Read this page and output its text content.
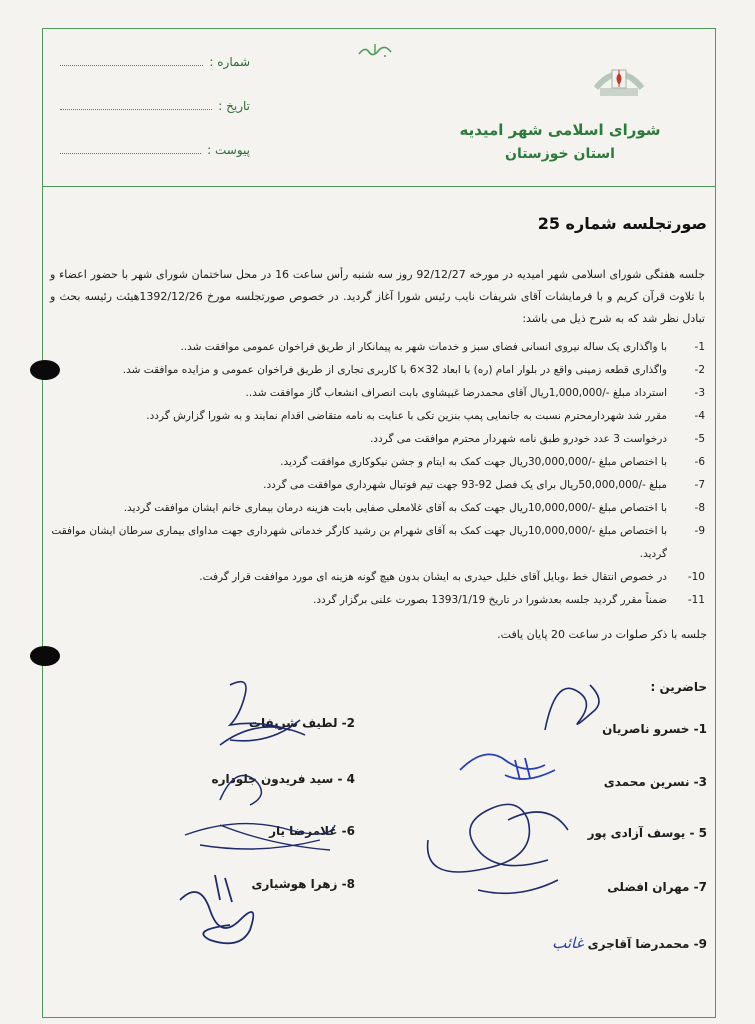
شماره :
تاریخ :
پیوست :
شورای اسلامی شهر امیدیه
استان خوزستان
صورتجلسه شماره 25
جلسه هفتگی شورای اسلامی شهر امیدیه در مورخه 92/12/27 روز سه شنبه رأس ساعت 16 در محل ساختمان شورای شهر با حضور اعضاء و با تلاوت قرآن کریم و با فرمایشات آقای شریفات نایب رئیس شورا آغاز گردید. در خصوص صورتجلسه مورخ 1392/12/26هیئت رئیسه بحث و تبادل نظر شد که به شرح ذیل می باشد:
1-
با واگذاری یک ساله نیروی انسانی فضای سبز و خدمات شهر به پیمانکار از طریق فراخوان عمومی موافقت شد..
2-
واگذاری قطعه زمینی واقع در بلوار امام (ره) با ابعاد 32×6 با کاربری تجاری از طریق فراخوان عمومی و مزایده موافقت شد.
3-
استرداد مبلغ -/1,000,000ریال آقای محمدرضا غبیشاوی بابت انصراف انشعاب گاز موافقت شد..
4-
مقرر شد شهردارمحترم نسبت به جانمایی پمپ بنزین تکی با عنایت به نامه متقاضی اقدام نمایند و به شورا گزارش گردد.
5-
درخواست 3 عدد خودرو طبق نامه شهردار محترم موافقت می گردد.
6-
با اختصاص مبلغ -/30,000,000ریال جهت کمک به ایتام و جشن نیکوکاری موافقت گردید.
7-
مبلغ -/50,000,000ریال برای یک فصل 92-93 جهت تیم فوتبال شهرداری موافقت می گردد.
8-
با اختصاص مبلغ -/10,000,000ریال جهت کمک به آقای غلامعلی صفایی بابت هزینه درمان بیماری خانم ایشان موافقت گردید.
9-
با اختصاص مبلغ -/10,000,000ریال جهت کمک به آقای شهرام بن رشید کارگر خدماتی شهرداری جهت مداوای بیماری سرطان ایشان موافقت گردید.
10-
در خصوص انتقال خط ،وبایل آقای خلیل حیدری به ایشان بدون هیچ گونه هزینه ای مورد موافقت قرار گرفت.
11-
ضمناً مقرر گردید جلسه بعدشورا در تاریخ 1393/1/19 بصورت علنی برگزار گردد.
جلسه با ذکر صلوات در ساعت 20 پایان یافت.
حاضرین :
1- خسرو ناصریان
2- لطیف شریفات
3- نسرین محمدی
4 - سید فریدون جلوداره
5 - یوسف آزادی پور
6- غلامرضا یار
7- مهران افضلی
8- زهرا هوشیاری
9- محمدرضا آقاجری غائب
